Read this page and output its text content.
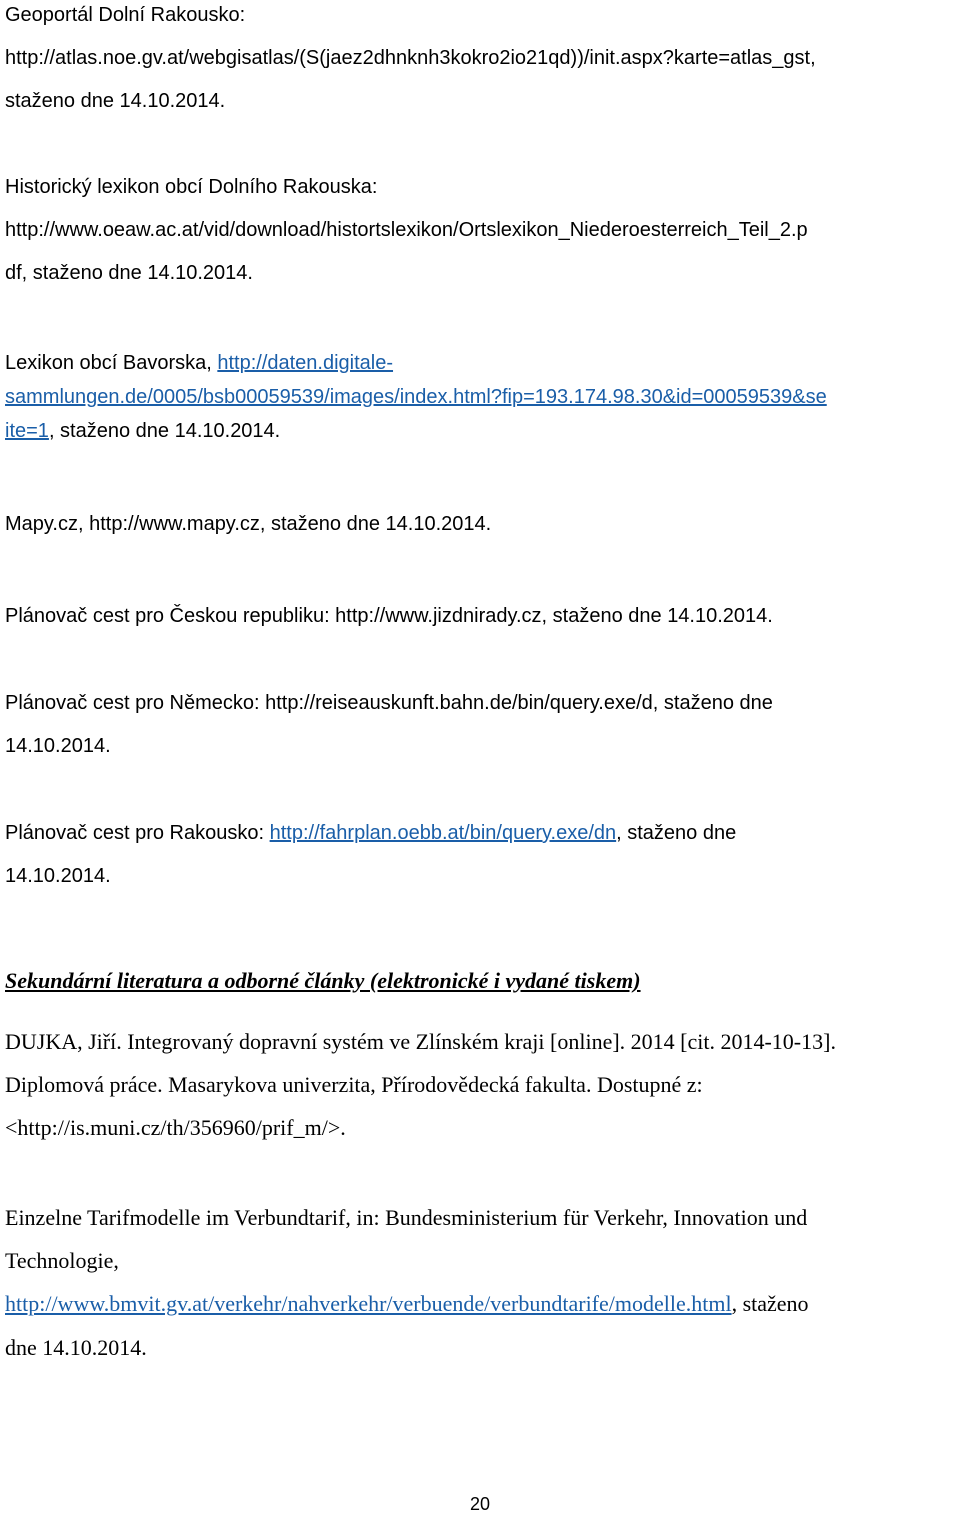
Geoportál Dolní Rakousko:
http://atlas.noe.gv.at/webgisatlas/(S(jaez2dhnknh3kokro2io21qd))/init.aspx?karte=atlas_gst,
staženo dne 14.10.2014.
Historický lexikon obcí Dolního Rakouska:
http://www.oeaw.ac.at/vid/download/histortslexikon/Ortslexikon_Niederoesterreich_Teil_2.p
df, staženo dne 14.10.2014.
Lexikon obcí Bavorska, http://daten.digitale-
sammlungen.de/0005/bsb00059539/images/index.html?fip=193.174.98.30&id=00059539&se
ite=1, staženo dne 14.10.2014.
Mapy.cz, http://www.mapy.cz, staženo dne 14.10.2014.
Plánovač cest pro Českou republiku: http://www.jizdnirady.cz, staženo dne 14.10.2014.
Plánovač cest pro Německo: http://reiseauskunft.bahn.de/bin/query.exe/d, staženo dne
14.10.2014.
Plánovač cest pro Rakousko: http://fahrplan.oebb.at/bin/query.exe/dn, staženo dne
14.10.2014.
Sekundární literatura a odborné články (elektronické i vydané tiskem)
DUJKA, Jiří. Integrovaný dopravní systém ve Zlínském kraji [online]. 2014 [cit. 2014-10-13].
Diplomová práce. Masarykova univerzita, Přírodovědecká fakulta. Dostupné z:
<http://is.muni.cz/th/356960/prif_m/>.
Einzelne Tarifmodelle im Verbundtarif, in: Bundesministerium für Verkehr, Innovation und
Technologie,
http://www.bmvit.gv.at/verkehr/nahverkehr/verbuende/verbundtarife/modelle.html, staženo
dne 14.10.2014.
20
